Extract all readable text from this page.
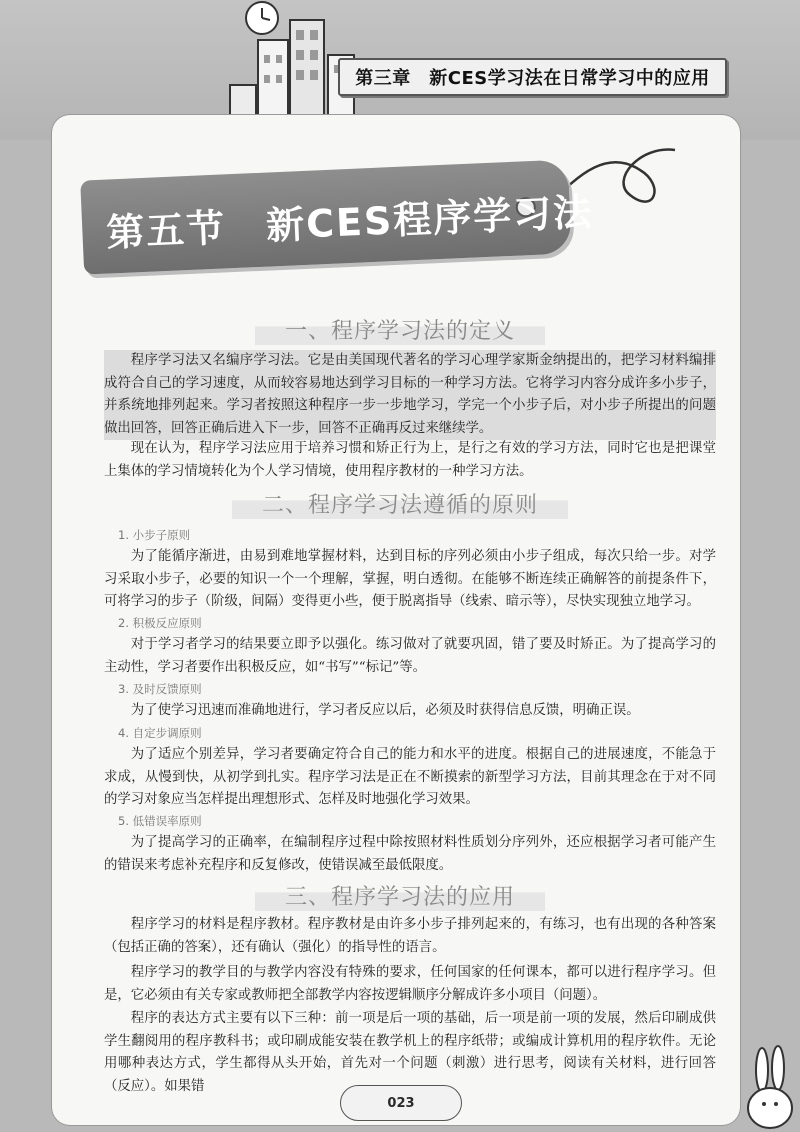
第三章　新CES学习法在日常学习中的应用
第五节　新CES程序学习法
一、程序学习法的定义
程序学习法又名编序学习法。它是由美国现代著名的学习心理学家斯金纳提出的，把学习材料编排成符合自己的学习速度，从而较容易地达到学习目标的一种学习方法。它将学习内容分成许多小步子，并系统地排列起来。学习者按照这种程序一步一步地学习，学完一个小步子后，对小步子所提出的问题做出回答，回答正确后进入下一步，回答不正确再反过来继续学。
现在认为，程序学习法应用于培养习惯和矫正行为上，是行之有效的学习方法，同时它也是把课堂上集体的学习情境转化为个人学习情境，使用程序教材的一种学习方法。
二、程序学习法遵循的原则
1. 小步子原则
为了能循序渐进，由易到难地掌握材料，达到目标的序列必须由小步子组成，每次只给一步。对学习采取小步子，必要的知识一个一个理解，掌握，明白透彻。在能够不断连续正确解答的前提条件下，可将学习的步子（阶级，间隔）变得更小些，便于脱离指导（线索、暗示等），尽快实现独立地学习。
2. 积极反应原则
对于学习者学习的结果要立即予以强化。练习做对了就要巩固，错了要及时矫正。为了提高学习的主动性，学习者要作出积极反应，如“书写”“标记”等。
3. 及时反馈原则
为了使学习迅速而准确地进行，学习者反应以后，必须及时获得信息反馈，明确正误。
4. 自定步调原则
为了适应个别差异，学习者要确定符合自己的能力和水平的进度。根据自己的进展速度，不能急于求成，从慢到快，从初学到扎实。程序学习法是正在不断摸索的新型学习方法，目前其理念在于对不同的学习对象应当怎样提出理想形式、怎样及时地强化学习效果。
5. 低错误率原则
为了提高学习的正确率，在编制程序过程中除按照材料性质划分序列外，还应根据学习者可能产生的错误来考虑补充程序和反复修改，使错误减至最低限度。
三、程序学习法的应用
程序学习的材料是程序教材。程序教材是由许多小步子排列起来的，有练习，也有出现的各种答案（包括正确的答案），还有确认（强化）的指导性的语言。
程序学习的教学目的与教学内容没有特殊的要求，任何国家的任何课本，都可以进行程序学习。但是，它必须由有关专家或教师把全部教学内容按逻辑顺序分解成许多小项目（问题）。
程序的表达方式主要有以下三种：前一项是后一项的基础，后一项是前一项的发展，然后印刷成供学生翻阅用的程序教科书；或印刷成能安装在教学机上的程序纸带；或编成计算机用的程序软件。无论用哪种表达方式，学生都得从头开始，首先对一个问题（刺激）进行思考，阅读有关材料，进行回答（反应）。如果错
023
